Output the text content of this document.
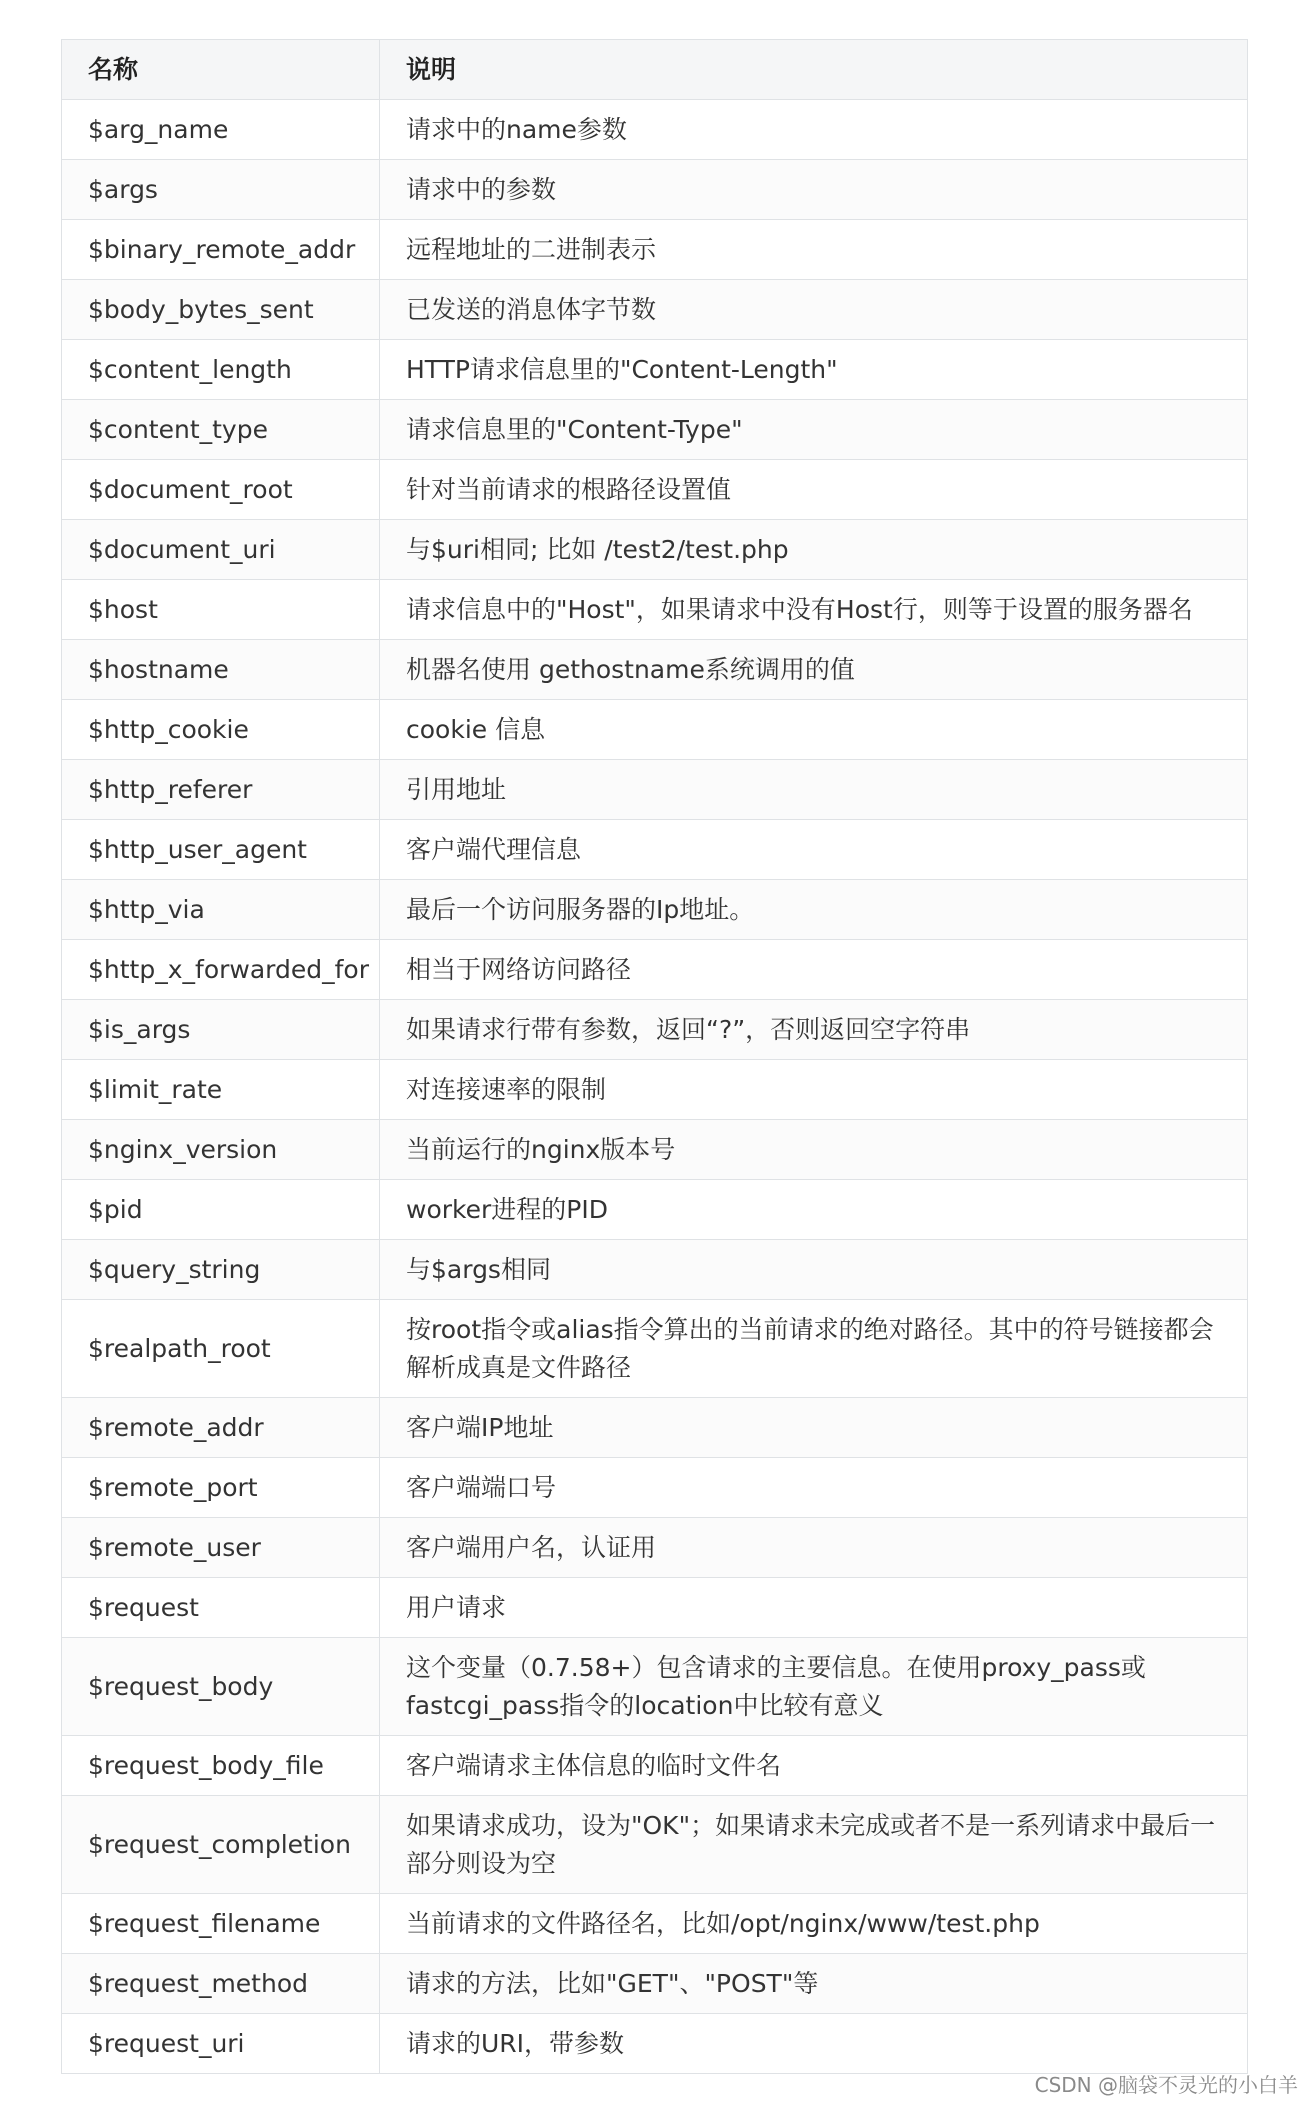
名称	说明
$arg_name	请求中的name参数
$args	请求中的参数
$binary_remote_addr	远程地址的二进制表示
$body_bytes_sent	已发送的消息体字节数
$content_length	HTTP请求信息里的"Content-Length"
$content_type	请求信息里的"Content-Type"
$document_root	针对当前请求的根路径设置值
$document_uri	与$uri相同; 比如 /test2/test.php
$host	请求信息中的"Host"，如果请求中没有Host行，则等于设置的服务器名
$hostname	机器名使用 gethostname系统调用的值
$http_cookie	cookie 信息
$http_referer	引用地址
$http_user_agent	客户端代理信息
$http_via	最后一个访问服务器的Ip地址。
$http_x_forwarded_for	相当于网络访问路径
$is_args	如果请求行带有参数，返回“?”，否则返回空字符串
$limit_rate	对连接速率的限制
$nginx_version	当前运行的nginx版本号
$pid	worker进程的PID
$query_string	与$args相同
$realpath_root	按root指令或alias指令算出的当前请求的绝对路径。其中的符号链接都会解析成真是文件路径
$remote_addr	客户端IP地址
$remote_port	客户端端口号
$remote_user	客户端用户名，认证用
$request	用户请求
$request_body	这个变量（0.7.58+）包含请求的主要信息。在使用proxy_pass或fastcgi_pass指令的location中比较有意义
$request_body_file	客户端请求主体信息的临时文件名
$request_completion	如果请求成功，设为"OK"；如果请求未完成或者不是一系列请求中最后一部分则设为空
$request_filename	当前请求的文件路径名，比如/opt/nginx/www/test.php
$request_method	请求的方法，比如"GET"、"POST"等
$request_uri	请求的URI，带参数
CSDN @脑袋不灵光的小白羊
